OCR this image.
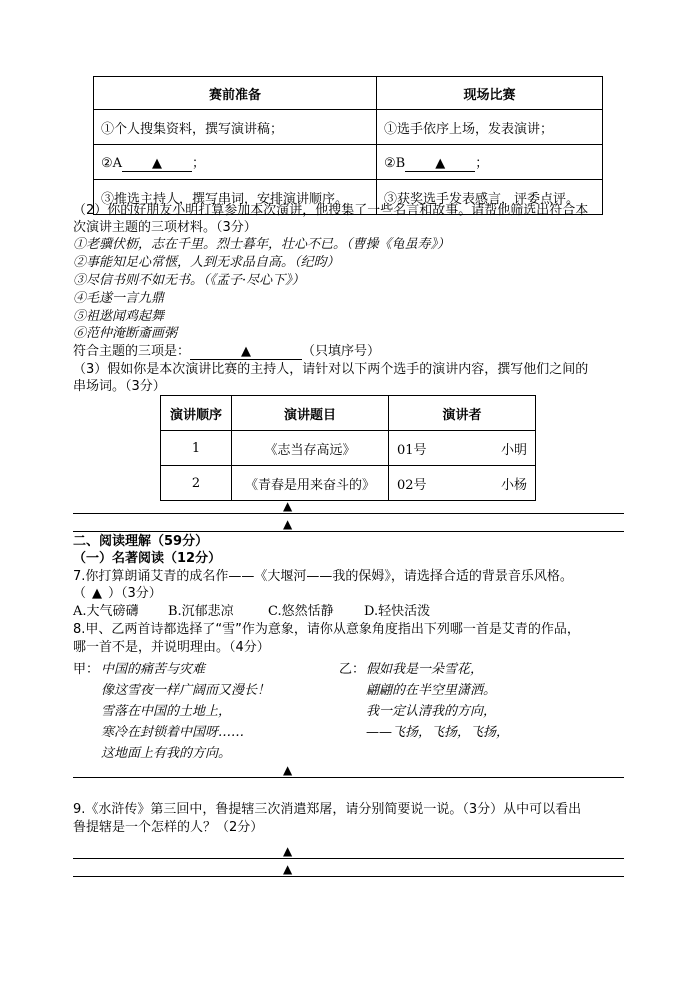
赛前准备	现场比赛
①个人搜集资料，撰写演讲稿；	①选手依序上场，发表演讲；
②A ▲ ；	②B ▲ ；
③推选主持人，撰写串词，安排演讲顺序。	③获奖选手发表感言，评委点评。
（2）你的好朋友小明打算参加本次演讲，他搜集了一些名言和故事。请帮他筛选出符合本
次演讲主题的三项材料。（3分）
①老骥伏枥，志在千里。烈士暮年，壮心不已。（曹操《龟虽寿》）
②事能知足心常惬，人到无求品自高。（纪昀）
③尽信书则不如无书。（《孟子·尽心下》）
④毛遂一言九鼎
⑤祖逖闻鸡起舞
⑥范仲淹断齑画粥
符合主题的三项是：	▲	（只填序号）
（3）假如你是本次演讲比赛的主持人，请针对以下两个选手的演讲内容，撰写他们之间的
串场词。（3分）
演讲顺序	演讲题目	演讲者
1	《志当存高远》	01号 小明

2	《青春是用来奋斗的》	02号 小杨
▲
▲
二、阅读理解（59分）
（一）名著阅读（12分）
7.你打算朗诵艾青的成名作——《大堰河——我的保姆》，请选择合适的背景音乐风格。
（ ▲ ）（3分）
A.大气磅礴 B.沉郁悲凉	C.悠然恬静 D.轻快活泼
8.甲、乙两首诗都选择了“雪”作为意象，请你从意象角度指出下列哪一首是艾青的作品，
哪一首不是，并说明理由。（4分）
甲： 中国的痛苦与灾难
像这雪夜一样广阔而又漫长！
雪落在中国的土地上，
寒冷在封锁着中国呀……
这地面上有我的方向。
乙： 假如我是一朵雪花，
翩翩的在半空里潇洒。
我一定认清我的方向，
——飞扬，飞扬，飞扬，
▲
9.《水浒传》第三回中，鲁提辖三次消遣郑屠，请分别简要说一说。（3分）从中可以看出
鲁提辖是一个怎样的人？（2分）
▲
▲
